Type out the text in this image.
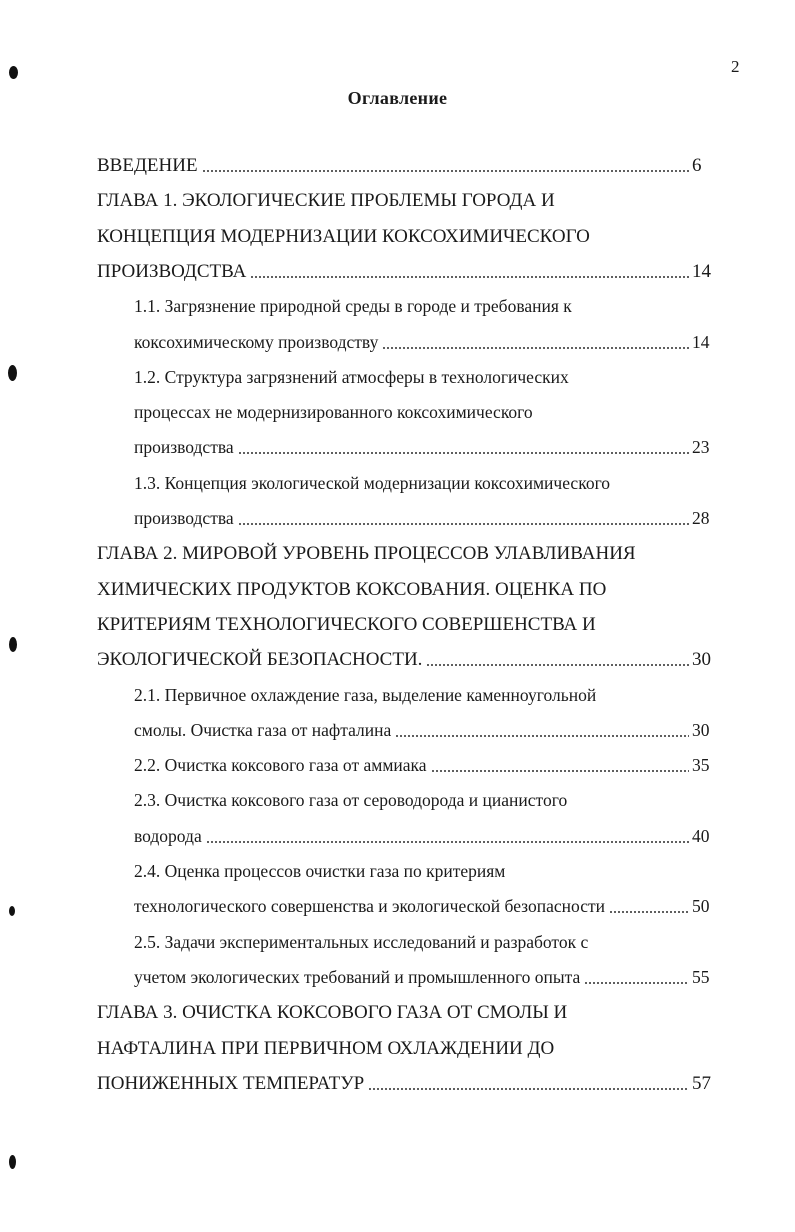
2
Оглавление
ВВЕДЕНИЕ	6
ГЛАВА 1. ЭКОЛОГИЧЕСКИЕ ПРОБЛЕМЫ ГОРОДА И
КОНЦЕПЦИЯ МОДЕРНИЗАЦИИ КОКСОХИМИЧЕСКОГО
ПРОИЗВОДСТВА	14
1.1. Загрязнение природной среды в городе и требования к
коксохимическому производству	14
1.2. Структура загрязнений атмосферы в технологических
процессах не модернизированного коксохимического
производства	23
1.3. Концепция экологической модернизации коксохимического
производства	28
ГЛАВА 2. МИРОВОЙ УРОВЕНЬ ПРОЦЕССОВ УЛАВЛИВАНИЯ
ХИМИЧЕСКИХ ПРОДУКТОВ КОКСОВАНИЯ. ОЦЕНКА ПО
КРИТЕРИЯМ ТЕХНОЛОГИЧЕСКОГО СОВЕРШЕНСТВА И
ЭКОЛОГИЧЕСКОЙ БЕЗОПАСНОСТИ.	30
2.1. Первичное охлаждение газа, выделение каменноугольной
смолы. Очистка газа от нафталина	30
2.2. Очистка коксового газа от аммиака	35
2.3. Очистка коксового газа от сероводорода и цианистого
водорода	40
2.4. Оценка процессов очистки газа по критериям
технологического совершенства и экологической безопасности	50
2.5. Задачи экспериментальных исследований и разработок с
учетом экологических требований и промышленного опыта	55
ГЛАВА 3. ОЧИСТКА КОКСОВОГО ГАЗА ОТ СМОЛЫ И
НАФТАЛИНА ПРИ ПЕРВИЧНОМ ОХЛАЖДЕНИИ ДО
ПОНИЖЕННЫХ ТЕМПЕРАТУР	57
